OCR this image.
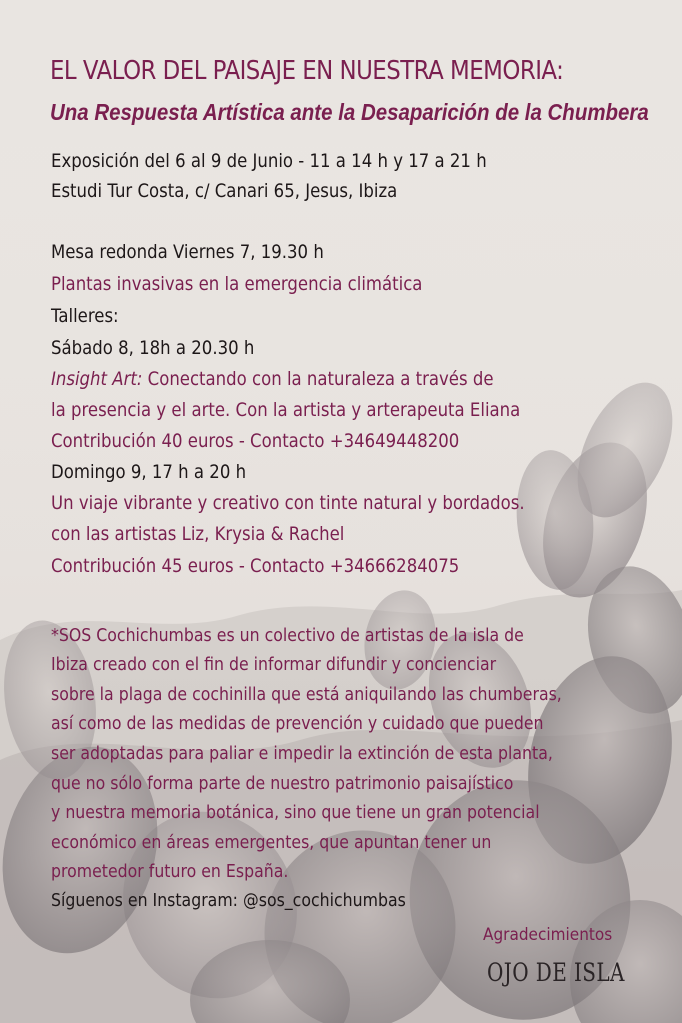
EL VALOR DEL PAISAJE EN NUESTRA MEMORIA:
Una Respuesta Artística ante la Desaparición de la Chumbera

Exposición del 6 al 9 de Junio - 11 a 14 h y 17 a 21 h

Estudi Tur Costa, c/ Canari 65, Jesus, Ibiza

Mesa redonda Viernes 7, 19.30 h

Plantas invasivas en la emergencia climática

Talleres:

Sábado 8, 18h a 20.30 h

Insight Art: Conectando con la naturaleza a través de

la presencia y el arte. Con la artista y arterapeuta Eliana

Contribución 40 euros - Contacto +34649448200

Domingo 9, 17 h a 20 h

Un viaje vibrante y creativo con tinte natural y bordados.

con las artistas Liz, Krysia & Rachel

Contribución 45 euros - Contacto +34666284075

*SOS Cochichumbas es un colectivo de artistas de la isla de

Ibiza creado con el fin de informar difundir y concienciar

sobre la plaga de cochinilla que está aniquilando las chumberas,

así como de las medidas de prevención y cuidado que pueden

ser adoptadas para paliar e impedir la extinción de esta planta,

que no sólo forma parte de nuestro patrimonio paisajístico

y nuestra memoria botánica, sino que tiene un gran potencial

económico en áreas emergentes, que apuntan tener un

prometedor futuro en España.

Síguenos en Instagram: @sos_cochichumbas

Agradecimientos

OJO DE ISLA
